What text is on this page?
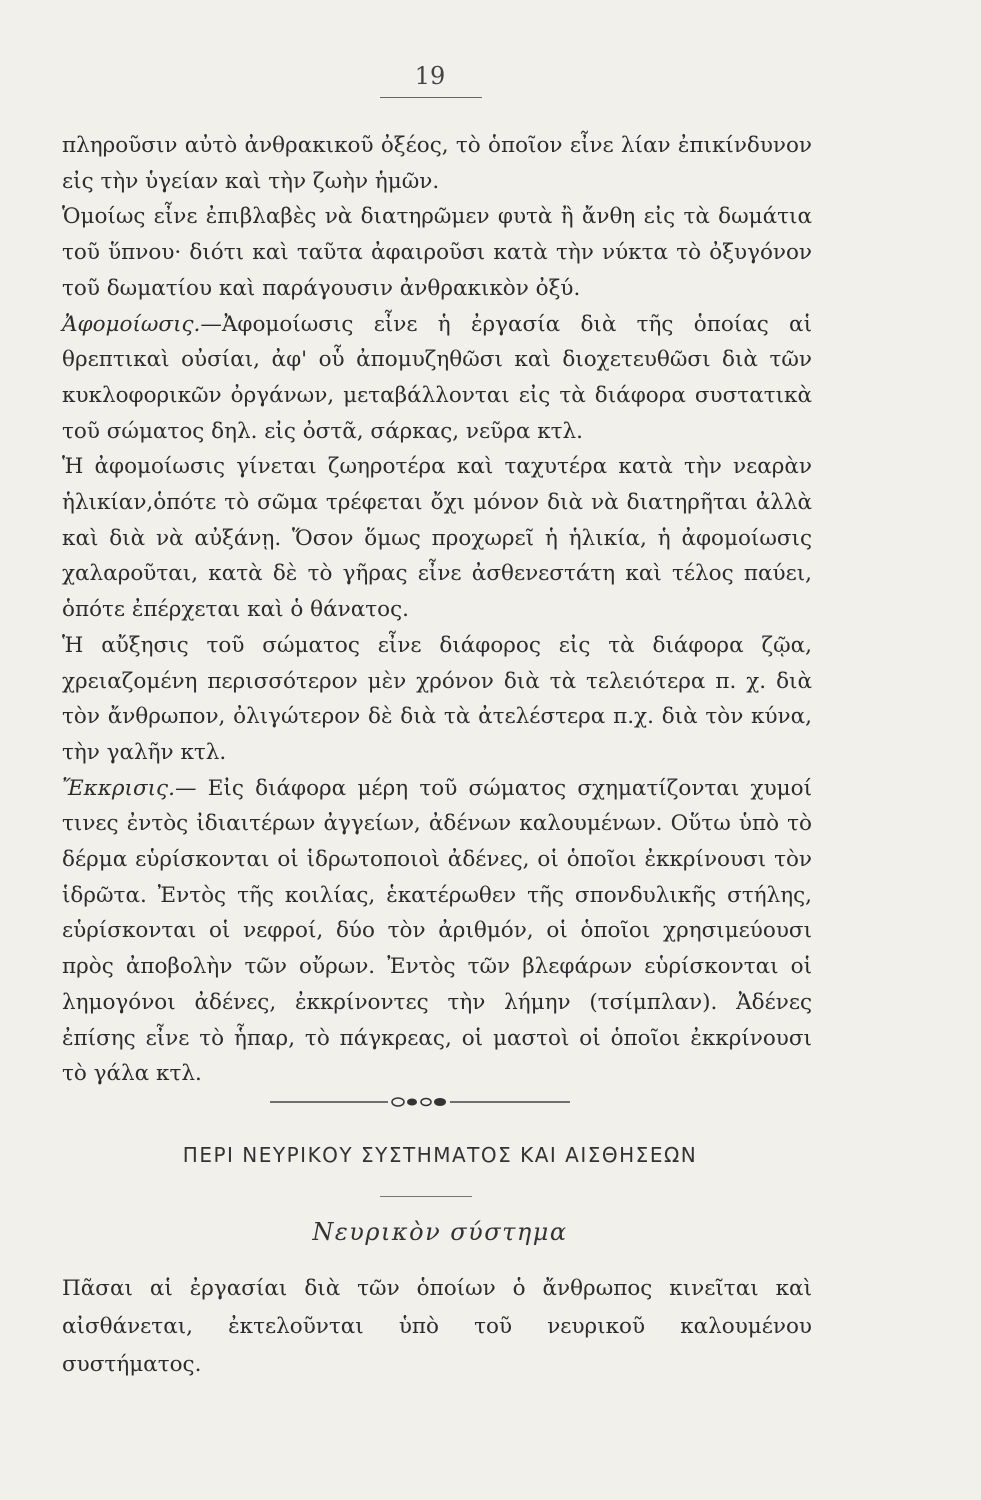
19

πληροῦσιν αὐτὸ ἀνθρακικοῦ ὀξέος, τὸ ὁποῖον εἶνε λίαν ἐπικίνδυνον εἰς τὴν ὑγείαν καὶ τὴν ζωὴν ἡμῶν.

Ὁμοίως εἶνε ἐπιβλαβὲς νὰ διατηρῶμεν φυτὰ ἢ ἄνθη εἰς τὰ δωμάτια τοῦ ὕπνου· διότι καὶ ταῦτα ἀφαιροῦσι κατὰ τὴν νύκτα τὸ ὀξυγόνον τοῦ δωματίου καὶ παράγουσιν ἀνθρακικὸν ὀξύ.

Ἀφομοίωσις.—Ἀφομοίωσις εἶνε ἡ ἐργασία διὰ τῆς ὁποίας αἱ θρεπτικαὶ οὐσίαι, ἀφ' οὗ ἀπομυζηθῶσι καὶ διοχετευθῶσι διὰ τῶν κυκλοφορικῶν ὀργάνων, μεταβάλλονται εἰς τὰ διάφορα συστατικὰ τοῦ σώματος δηλ. εἰς ὀστᾶ, σάρκας, νεῦρα κτλ.

Ἡ ἀφομοίωσις γίνεται ζωηροτέρα καὶ ταχυτέρα κατὰ τὴν νεαρὰν ἡλικίαν,ὁπότε τὸ σῶμα τρέφεται ὄχι μόνον διὰ νὰ διατηρῆται ἀλλὰ καὶ διὰ νὰ αὐξάνῃ. Ὅσον ὅμως προχωρεῖ ἡ ἡλικία, ἡ ἀφομοίωσις χαλαροῦται, κατὰ δὲ τὸ γῆρας εἶνε ἀσθενεστάτη καὶ τέλος παύει, ὁπότε ἐπέρχεται καὶ ὁ θάνατος.

Ἡ αὔξησις τοῦ σώματος εἶνε διάφορος εἰς τὰ διάφορα ζῷα, χρειαζομένη περισσότερον μὲν χρόνον διὰ τὰ τελειότερα π. χ. διὰ τὸν ἄνθρωπον, ὀλιγώτερον δὲ διὰ τὰ ἀτελέστερα π.χ. διὰ τὸν κύνα, τὴν γαλῆν κτλ.

Ἔκκρισις.— Εἰς διάφορα μέρη τοῦ σώματος σχηματίζονται χυμοί τινες ἐντὸς ἰδιαιτέρων ἀγγείων, ἀδένων καλουμένων. Οὕτω ὑπὸ τὸ δέρμα εὑρίσκονται οἱ ἱδρωτοποιοὶ ἀδένες, οἱ ὁποῖοι ἐκκρίνουσι τὸν ἱδρῶτα. Ἐντὸς τῆς κοιλίας, ἑκατέρωθεν τῆς σπονδυλικῆς στήλης, εὑρίσκονται οἱ νεφροί, δύο τὸν ἀριθμόν, οἱ ὁποῖοι χρησιμεύουσι πρὸς ἀποβολὴν τῶν οὔρων. Ἐντὸς τῶν βλεφάρων εὑρίσκονται οἱ λημογόνοι ἀδένες, ἐκκρίνοντες τὴν λήμην (τσίμπλαν). Ἀδένες ἐπίσης εἶνε τὸ ἧπαρ, τὸ πάγκρεας, οἱ μαστοὶ οἱ ὁποῖοι ἐκκρίνουσι τὸ γάλα κτλ.

ΠΕΡΙ ΝΕΥΡΙΚΟΥ ΣΥΣΤΗΜΑΤΟΣ ΚΑΙ ΑΙΣΘΗΣΕΩΝ
Νευρικὸν σύστημα

Πᾶσαι αἱ ἐργασίαι διὰ τῶν ὁποίων ὁ ἄνθρωπος κινεῖται καὶ αἰσθάνεται, ἐκτελοῦνται ὑπὸ τοῦ νευρικοῦ καλουμένου συστήματος.
